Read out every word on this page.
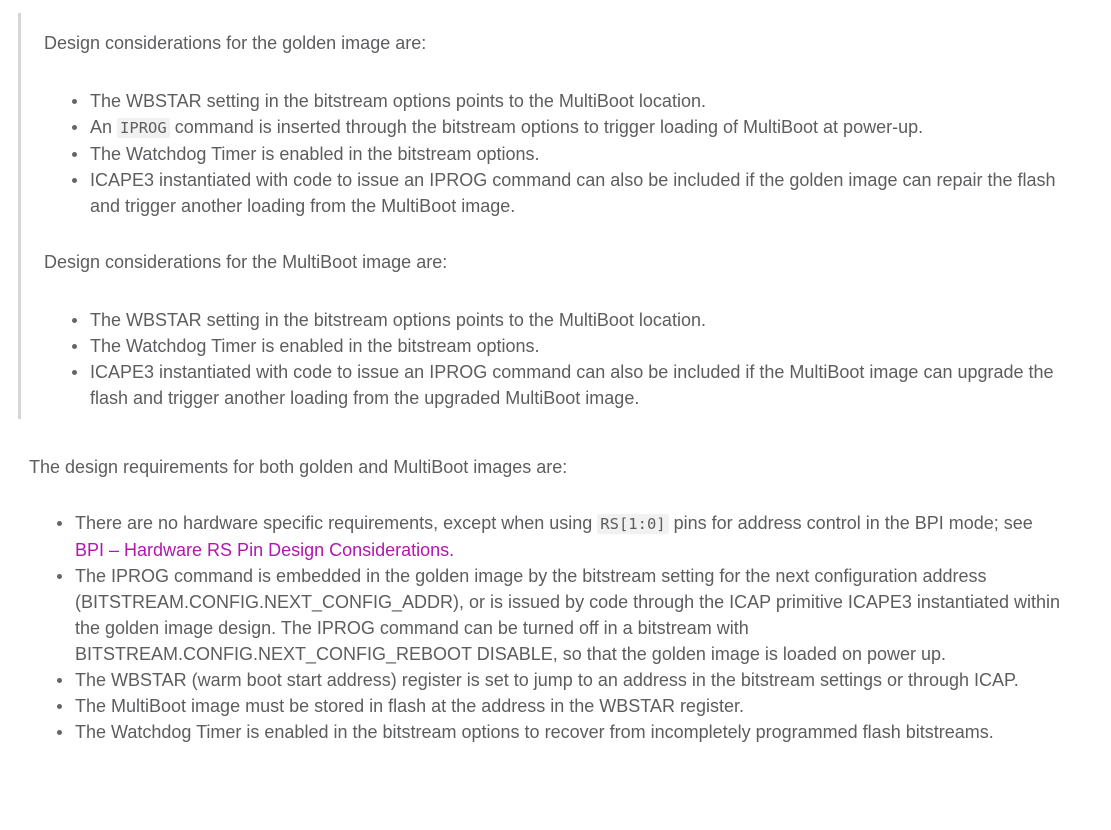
Design considerations for the golden image are:

The WBSTAR setting in the bitstream options points to the MultiBoot location.
An IPROG command is inserted through the bitstream options to trigger loading of MultiBoot at power-up.
The Watchdog Timer is enabled in the bitstream options.
ICAPE3 instantiated with code to issue an IPROG command can also be included if the golden image can repair the flash and trigger another loading from the MultiBoot image.

Design considerations for the MultiBoot image are:

The WBSTAR setting in the bitstream options points to the MultiBoot location.
The Watchdog Timer is enabled in the bitstream options.
ICAPE3 instantiated with code to issue an IPROG command can also be included if the MultiBoot image can upgrade the flash and trigger another loading from the upgraded MultiBoot image.

The design requirements for both golden and MultiBoot images are:

There are no hardware specific requirements, except when using RS[1:0] pins for address control in the BPI mode; see BPI – Hardware RS Pin Design Considerations.
The IPROG command is embedded in the golden image by the bitstream setting for the next configuration address (BITSTREAM.CONFIG.NEXT_CONFIG_ADDR), or is issued by code through the ICAP primitive ICAPE3 instantiated within the golden image design. The IPROG command can be turned off in a bitstream with BITSTREAM.CONFIG.NEXT_CONFIG_REBOOT DISABLE, so that the golden image is loaded on power up.
The WBSTAR (warm boot start address) register is set to jump to an address in the bitstream settings or through ICAP.
The MultiBoot image must be stored in flash at the address in the WBSTAR register.
The Watchdog Timer is enabled in the bitstream options to recover from incompletely programmed flash bitstreams.
